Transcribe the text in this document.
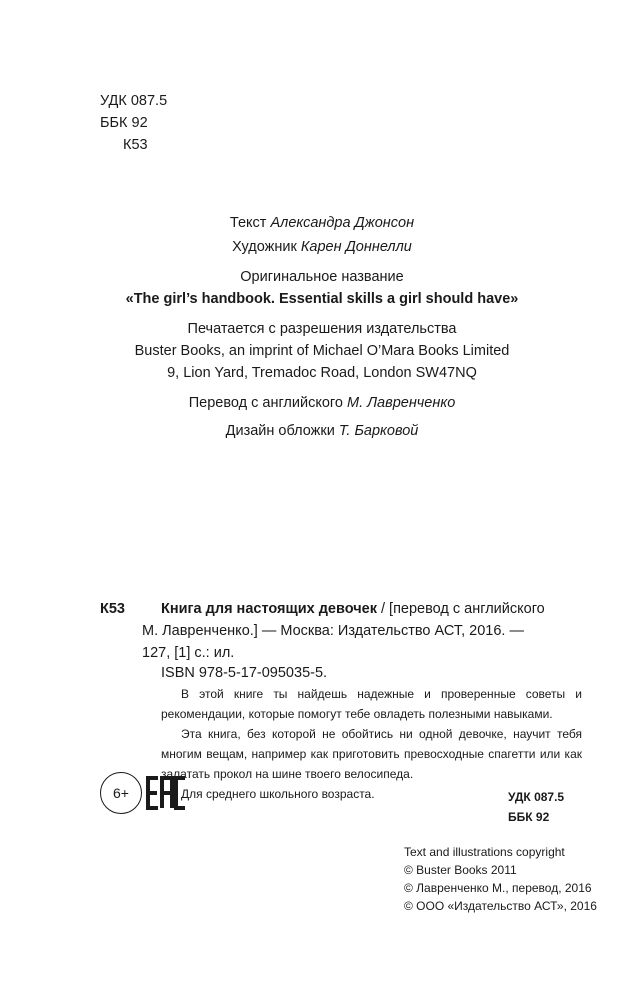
УДК 087.5
ББК 92
К53
Текст Александра Джонсон
Художник Карен Доннелли
Оригинальное название
«The girl’s handbook. Essential skills a girl should have»
Печатается с разрешения издательства
Buster Books, an imprint of Michael O’Mara Books Limited
9, Lion Yard, Tremadoc Road, London SW47NQ
Перевод с английского М. Лавренченко
Дизайн обложки Т. Барковой
К53 Книга для настоящих девочек / [перевод с английского
М. Лавренченко.] — Москва: Издательство АСТ, 2016. —
127, [1] с.: ил.
ISBN 978-5-17-095035-5.

В этой книге ты найдешь надежные и проверенные советы и рекомендации, которые помогут тебе овладеть полезными навыками.

Эта книга, без которой не обойтись ни одной девочке, научит тебя многим вещам, например как приготовить превосходные спагетти или как залатать прокол на шине твоего велосипеда.

Для среднего школьного возраста.	УДК 087.5
ББК 92
Text and illustrations copyright
© Buster Books 2011
© Лавренченко М., перевод, 2016
© ООО «Издательство АСТ», 2016
6+
